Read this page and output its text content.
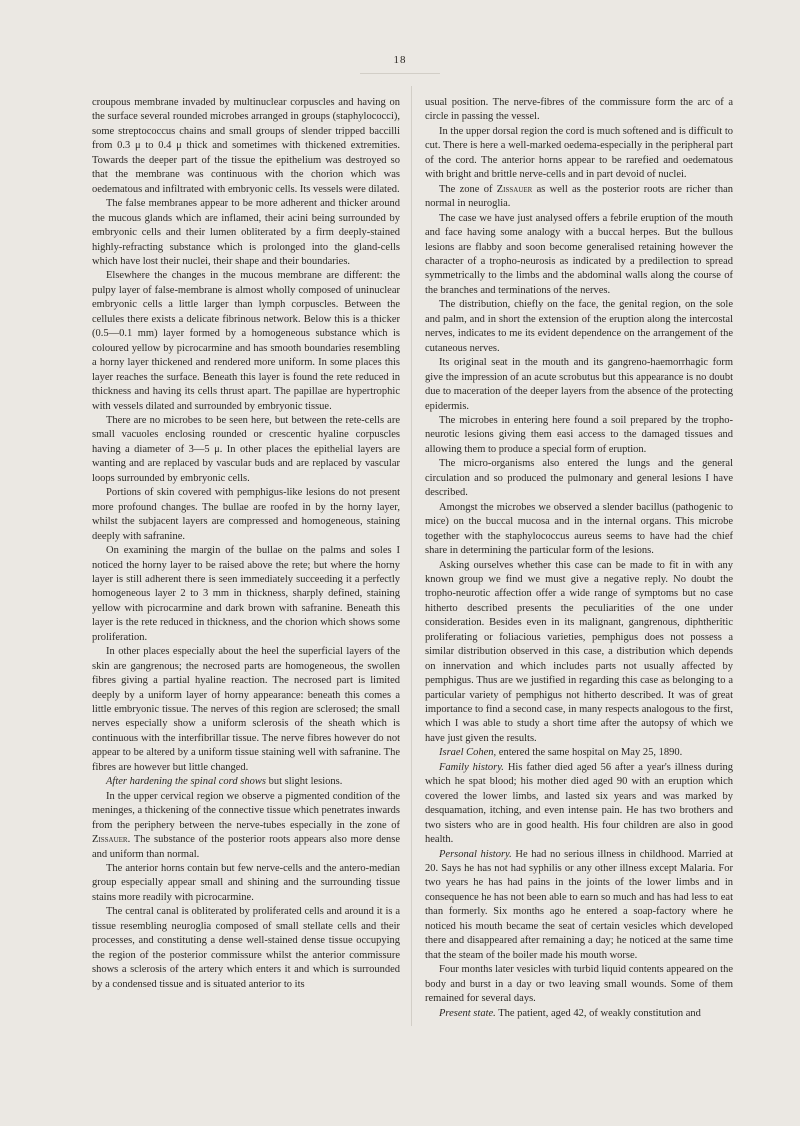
18

croupous membrane invaded by multinuclear corpuscles and having on the surface several rounded microbes arranged in groups (staphylococci), some streptococcus chains and small groups of slender tripped baccilli from 0.3 μ to 0.4 μ thick and sometimes with thickened extremities. Towards the deeper part of the tissue the epithelium was destroyed so that the membrane was continuous with the chorion which was oedematous and infiltrated with embryonic cells. Its vessels were dilated.

The false membranes appear to be more adherent and thicker around the mucous glands which are inflamed, their acini being surrounded by embryonic cells and their lumen obliterated by a firm deeply-stained highly-refracting substance which is prolonged into the gland-cells which have lost their nuclei, their shape and their boundaries.

Elsewhere the changes in the mucous membrane are different: the pulpy layer of false-membrane is almost wholly composed of uninuclear embryonic cells a little larger than lymph corpuscles. Between the cellules there exists a delicate fibrinous network. Below this is a thicker (0.5—0.1 mm) layer formed by a homogeneous substance which is coloured yellow by picrocarmine and has smooth boundaries resembling a horny layer thickened and rendered more uniform. In some places this layer reaches the surface. Beneath this layer is found the rete reduced in thickness and having its cells thrust apart. The papillae are hypertrophic with vessels dilated and surrounded by embryonic tissue.

There are no microbes to be seen here, but between the rete-cells are small vacuoles enclosing rounded or crescentic hyaline corpuscles having a diameter of 3—5 μ. In other places the epithelial layers are wanting and are replaced by vascular buds and are replaced by vascular loops surrounded by embryonic cells.

Portions of skin covered with pemphigus-like lesions do not present more profound changes. The bullae are roofed in by the horny layer, whilst the subjacent layers are compressed and homogeneous, staining deeply with safranine.

On examining the margin of the bullae on the palms and soles I noticed the horny layer to be raised above the rete; but where the horny layer is still adherent there is seen immediately succeeding it a perfectly homogeneous layer 2 to 3 mm in thickness, sharply defined, staining yellow with picrocarmine and dark brown with safranine. Beneath this layer is the rete reduced in thickness, and the chorion which shows some proliferation.

In other places especially about the heel the superficial layers of the skin are gangrenous; the necrosed parts are homogeneous, the swollen fibres giving a partial hyaline reaction. The necrosed part is limited deeply by a uniform layer of horny appearance: beneath this comes a little embryonic tissue. The nerves of this region are sclerosed; the small nerves especially show a uniform sclerosis of the sheath which is continuous with the interfibrillar tissue. The nerve fibres however do not appear to be altered by a uniform tissue staining well with safranine. The fibres are however but little changed.

After hardening the spinal cord shows but slight lesions.

In the upper cervical region we observe a pigmented condition of the meninges, a thickening of the connective tissue which penetrates inwards from the periphery between the nerve-tubes especially in the zone of Zissauer. The substance of the posterior roots appears also more dense and uniform than normal.

The anterior horns contain but few nerve-cells and the antero-median group especially appear small and shining and the surrounding tissue stains more readily with picrocarmine.

The central canal is obliterated by proliferated cells and around it is a tissue resembling neuroglia composed of small stellate cells and their processes, and constituting a dense well-stained dense tissue occupying the region of the posterior commissure whilst the anterior commissure shows a sclerosis of the artery which enters it and which is surrounded by a condensed tissue and is situated anterior to its

usual position. The nerve-fibres of the commissure form the arc of a circle in passing the vessel.

In the upper dorsal region the cord is much softened and is difficult to cut. There is here a well-marked oedema-especially in the peripheral part of the cord. The anterior horns appear to be rarefied and oedematous with bright and brittle nerve-cells and in part devoid of nuclei.

The zone of Zissauer as well as the posterior roots are richer than normal in neuroglia.

The case we have just analysed offers a febrile eruption of the mouth and face having some analogy with a buccal herpes. But the bullous lesions are flabby and soon become generalised retaining however the character of a tropho-neurosis as indicated by a predilection to spread symmetrically to the limbs and the abdominal walls along the course of the branches and terminations of the nerves.

The distribution, chiefly on the face, the genital region, on the sole and palm, and in short the extension of the eruption along the intercostal nerves, indicates to me its evident dependence on the arrangement of the cutaneous nerves.

Its original seat in the mouth and its gangreno-haemorrhagic form give the impression of an acute scrobutus but this appearance is no doubt due to maceration of the deeper layers from the absence of the protecting epidermis.

The microbes in entering here found a soil prepared by the tropho-neurotic lesions giving them easi access to the damaged tissues and allowing them to produce a special form of eruption.

The micro-organisms also entered the lungs and the general circulation and so produced the pulmonary and general lesions I have described.

Amongst the microbes we observed a slender bacillus (pathogenic to mice) on the buccal mucosa and in the internal organs. This microbe together with the staphylococcus aureus seems to have had the chief share in determining the particular form of the lesions.

Asking ourselves whether this case can be made to fit in with any known group we find we must give a negative reply. No doubt the tropho-neurotic affection offer a wide range of symptoms but no case hitherto described presents the peculiarities of the one under consideration. Besides even in its malignant, gangrenous, diphtheritic proliferating or foliacious varieties, pemphigus does not possess a similar distribution observed in this case, a distribution which depends on innervation and which includes parts not usually affected by pemphigus. Thus are we justified in regarding this case as belonging to a particular variety of pemphigus not hitherto described. It was of great importance to find a second case, in many respects analogous to the first, which I was able to study a short time after the autopsy of which we have just given the results.

Israel Cohen, entered the same hospital on May 25, 1890.

Family history. His father died aged 56 after a year's illness during which he spat blood; his mother died aged 90 with an eruption which covered the lower limbs, and lasted six years and was marked by desquamation, itching, and even intense pain. He has two brothers and two sisters who are in good health. His four children are also in good health.

Personal history. He had no serious illness in childhood. Married at 20. Says he has not had syphilis or any other illness except Malaria. For two years he has had pains in the joints of the lower limbs and in consequence he has not been able to earn so much and has had less to eat than formerly. Six months ago he entered a soap-factory where he noticed his mouth became the seat of certain vesicles which developed there and disappeared after remaining a day; he noticed at the same time that the steam of the boiler made his mouth worse.

Four months later vesicles with turbid liquid contents appeared on the body and burst in a day or two leaving small wounds. Some of them remained for several days.

Present state. The patient, aged 42, of weakly constitution and
